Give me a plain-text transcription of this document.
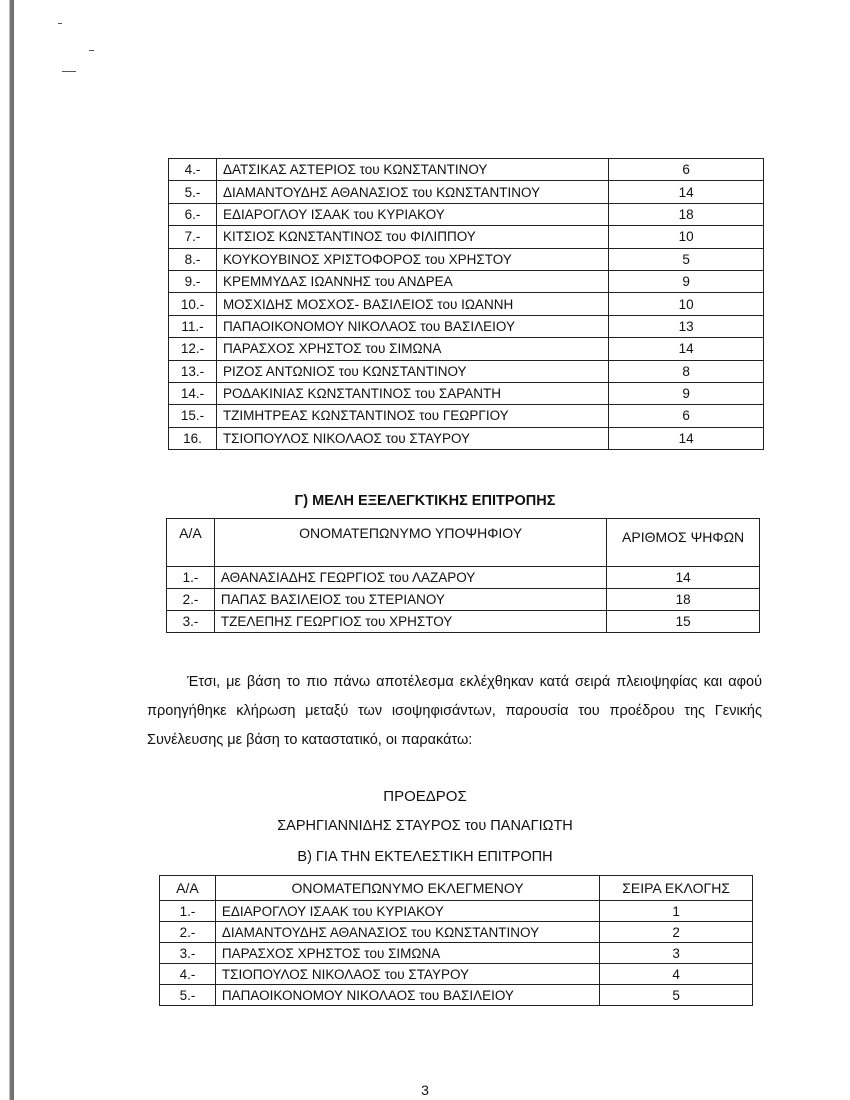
4.-	ΔΑΤΣΙΚΑΣ ΑΣΤΕΡΙΟΣ του ΚΩΝΣΤΑΝΤΙΝΟΥ	6
5.-	ΔΙΑΜΑΝΤΟΥΔΗΣ ΑΘΑΝΑΣΙΟΣ του ΚΩΝΣΤΑΝΤΙΝΟΥ	14
6.-	ΕΔΙΑΡΟΓΛΟΥ ΙΣΑΑΚ του ΚΥΡΙΑΚΟΥ	18
7.-	ΚΙΤΣΙΟΣ ΚΩΝΣΤΑΝΤΙΝΟΣ του ΦΙΛΙΠΠΟΥ	10
8.-	ΚΟΥΚΟΥΒΙΝΟΣ ΧΡΙΣΤΟΦΟΡΟΣ του ΧΡΗΣΤΟΥ	5
9.-	ΚΡΕΜΜΥΔΑΣ ΙΩΑΝΝΗΣ του ΑΝΔΡΕΑ	9
10.-	ΜΟΣΧΙΔΗΣ ΜΟΣΧΟΣ- ΒΑΣΙΛΕΙΟΣ του ΙΩΑΝΝΗ	10
11.-	ΠΑΠΑΟΙΚΟΝΟΜΟΥ ΝΙΚΟΛΑΟΣ του ΒΑΣΙΛΕΙΟΥ	13
12.-	ΠΑΡΑΣΧΟΣ ΧΡΗΣΤΟΣ του ΣΙΜΩΝΑ	14
13.-	ΡΙΖΟΣ ΑΝΤΩΝΙΟΣ του ΚΩΝΣΤΑΝΤΙΝΟΥ	8
14.-	ΡΟΔΑΚΙΝΙΑΣ ΚΩΝΣΤΑΝΤΙΝΟΣ του ΣΑΡΑΝΤΗ	9
15.-	ΤΖΙΜΗΤΡΕΑΣ ΚΩΝΣΤΑΝΤΙΝΟΣ του ΓΕΩΡΓΙΟΥ	6
16.	ΤΣΙΟΠΟΥΛΟΣ ΝΙΚΟΛΑΟΣ του ΣΤΑΥΡΟΥ	14
Γ) ΜΕΛΗ ΕΞΕΛΕΓΚΤΙΚΗΣ ΕΠΙΤΡΟΠΗΣ
Α/Α	ΟΝΟΜΑΤΕΠΩΝΥΜΟ ΥΠΟΨΗΦΙΟΥ	ΑΡΙΘΜΟΣ ΨΗΦΩΝ
1.-	ΑΘΑΝΑΣΙΑΔΗΣ ΓΕΩΡΓΙΟΣ του ΛΑΖΑΡΟΥ	14
2.-	ΠΑΠΑΣ ΒΑΣΙΛΕΙΟΣ του ΣΤΕΡΙΑΝΟΥ	18
3.-	ΤΖΕΛΕΠΗΣ ΓΕΩΡΓΙΟΣ του ΧΡΗΣΤΟΥ	15
Έτσι, με βάση το πιο πάνω αποτέλεσμα εκλέχθηκαν κατά σειρά πλειοψηφίας και αφού προηγήθηκε κλήρωση μεταξύ των ισοψηφισάντων, παρουσία του προέδρου της Γενικής Συνέλευσης με βάση το καταστατικό, οι παρακάτω:
ΠΡΟΕΔΡΟΣ
ΣΑΡΗΓΙΑΝΝΙΔΗΣ ΣΤΑΥΡΟΣ του ΠΑΝΑΓΙΩΤΗ
Β) ΓΙΑ ΤΗΝ ΕΚΤΕΛΕΣΤΙΚΗ ΕΠΙΤΡΟΠΗ
Α/Α	ΟΝΟΜΑΤΕΠΩΝΥΜΟ ΕΚΛΕΓΜΕΝΟΥ	ΣΕΙΡΑ ΕΚΛΟΓΗΣ
1.-	ΕΔΙΑΡΟΓΛΟΥ ΙΣΑΑΚ του ΚΥΡΙΑΚΟΥ	1
2.-	ΔΙΑΜΑΝΤΟΥΔΗΣ ΑΘΑΝΑΣΙΟΣ του ΚΩΝΣΤΑΝΤΙΝΟΥ	2
3.-	ΠΑΡΑΣΧΟΣ ΧΡΗΣΤΟΣ του ΣΙΜΩΝΑ	3
4.-	ΤΣΙΟΠΟΥΛΟΣ ΝΙΚΟΛΑΟΣ του ΣΤΑΥΡΟΥ	4
5.-	ΠΑΠΑΟΙΚΟΝΟΜΟΥ ΝΙΚΟΛΑΟΣ του ΒΑΣΙΛΕΙΟΥ	5
3
